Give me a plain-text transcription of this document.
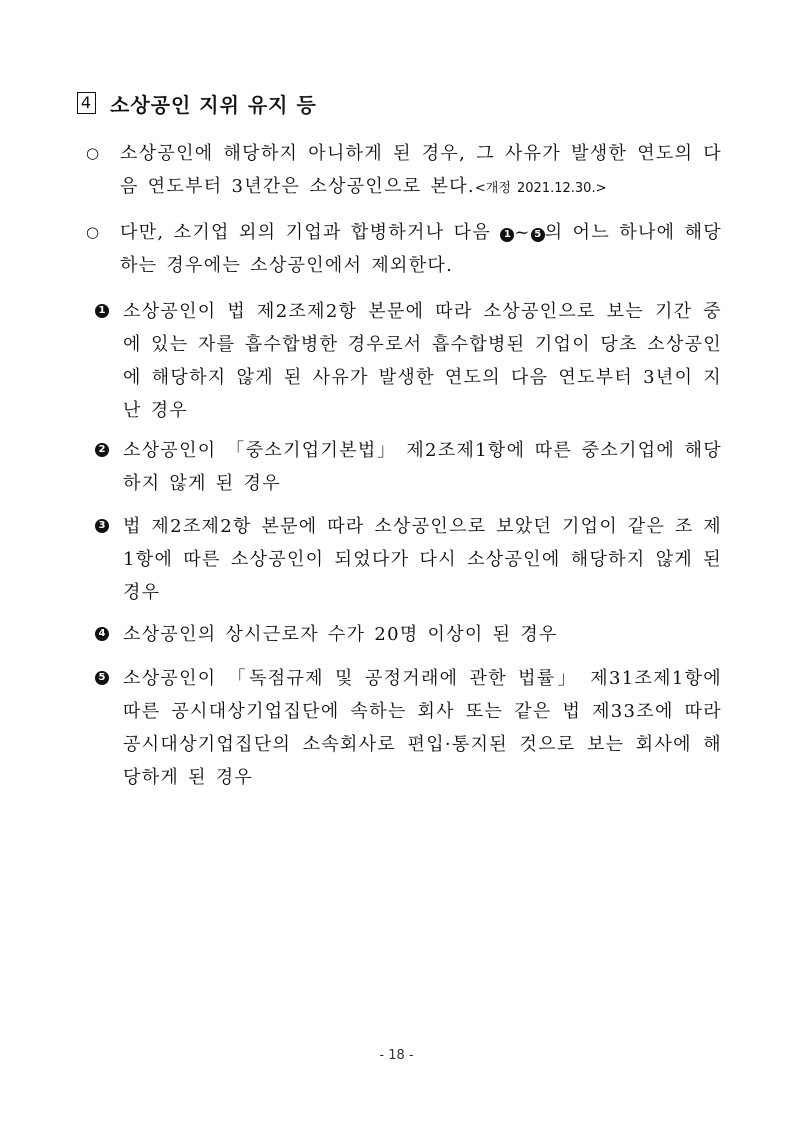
4 소상공인 지위 유지 등
○	소상공인에 해당하지 아니하게 된 경우, 그 사유가 발생한 연도의 다음 연도부터 3년간은 소상공인으로 본다.<개정 2021.12.30.>
○	다만, 소기업 외의 기업과 합병하거나 다음 1 ~ 5 의 어느 하나에 해당하는 경우에는 소상공인에서 제외한다.
1 소상공인이 법 제2조제2항 본문에 따라 소상공인으로 보는 기간 중에 있는 자를 흡수합병한 경우로서 흡수합병된 기업이 당초 소상공인에 해당하지 않게 된 사유가 발생한 연도의 다음 연도부터 3년이 지난 경우
2 소상공인이 「중소기업기본법」 제2조제1항에 따른 중소기업에 해당하지 않게 된 경우
3 법 제2조제2항 본문에 따라 소상공인으로 보았던 기업이 같은 조 제1항에 따른 소상공인이 되었다가 다시 소상공인에 해당하지 않게 된 경우
4 소상공인의 상시근로자 수가 20명 이상이 된 경우
5 소상공인이 「독점규제 및 공정거래에 관한 법률」 제31조제1항에 따른 공시대상기업집단에 속하는 회사 또는 같은 법 제33조에 따라 공시대상기업집단의 소속회사로 편입·통지된 것으로 보는 회사에 해당하게 된 경우
- 18 -
